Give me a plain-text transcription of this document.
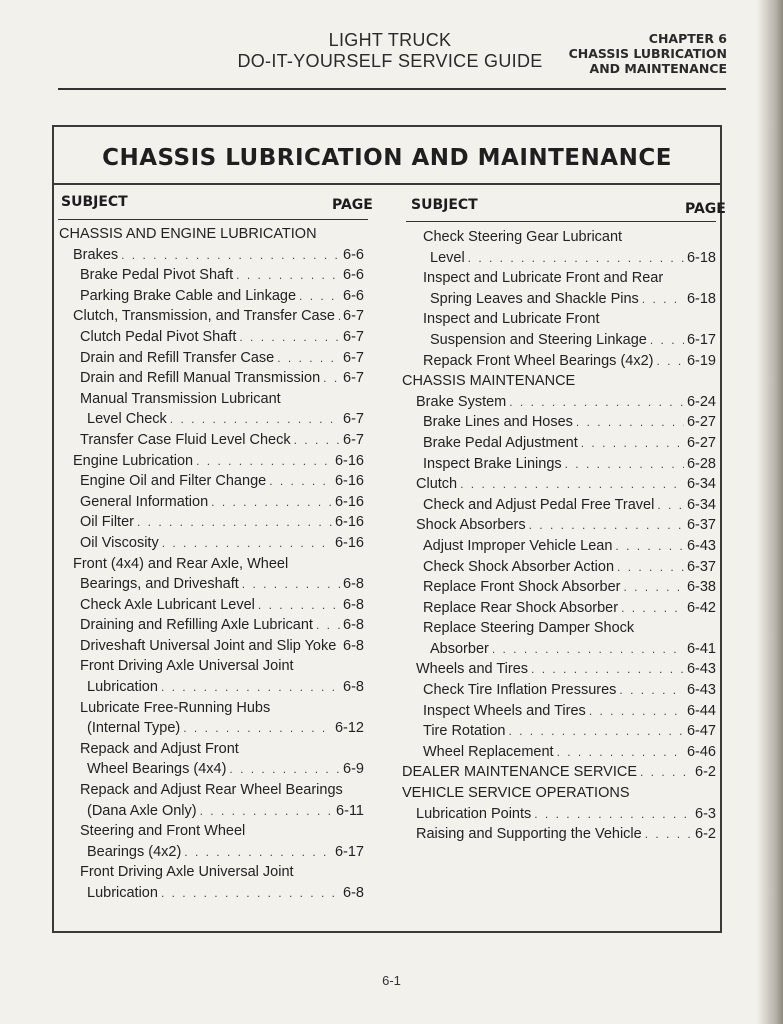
LIGHT TRUCK
DO-IT-YOURSELF SERVICE GUIDE
CHAPTER 6
CHASSIS LUBRICATION
AND MAINTENANCE
CHASSIS LUBRICATION AND MAINTENANCE
SUBJECT	PAGE	SUBJECT	PAGE
CHASSIS AND ENGINE LUBRICATION
Brakes . . .	6-6
Brake Pedal Pivot Shaft . . .	6-6
Parking Brake Cable and Linkage . . .	6-6
Clutch, Transmission, and Transfer Case . . . 6-7
Clutch Pedal Pivot Shaft . . .	6-7
Drain and Refill Transfer Case . . .	6-7
Drain and Refill Manual Transmission . . . 6-7
Manual Transmission Lubricant
Level Check . . .	6-7
Transfer Case Fluid Level Check . . .	6-7
Engine Lubrication . . .	6-16
Engine Oil and Filter Change . . .	6-16
General Information . . .	6-16
Oil Filter . . .	6-16
Oil Viscosity . . .	6-16
Front (4x4) and Rear Axle, Wheel
Bearings, and Driveshaft . . .	6-8
Check Axle Lubricant Level . . .	6-8
Draining and Refilling Axle Lubricant . . . 6-8
Driveshaft Universal Joint and Slip Yoke . . . 6-8
Front Driving Axle Universal Joint
Lubrication . . .	6-8
Lubricate Free-Running Hubs
(Internal Type) . . .	6-12
Repack and Adjust Front
Wheel Bearings (4x4) . . .	6-9
Repack and Adjust Rear Wheel Bearings
(Dana Axle Only) . . .	6-11
Steering and Front Wheel
Bearings (4x2) . . .	6-17
Front Driving Axle Universal Joint
Lubrication . . .	6-8
Check Steering Gear Lubricant
Level . . .	6-18
Inspect and Lubricate Front and Rear
Spring Leaves and Shackle Pins . . .	6-18
Inspect and Lubricate Front
Suspension and Steering Linkage . . .	6-17
Repack Front Wheel Bearings (4x2) . . . 6-19
CHASSIS MAINTENANCE
Brake System . . .	6-24
Brake Lines and Hoses . . .	6-27
Brake Pedal Adjustment . . .	6-27
Inspect Brake Linings . . .	6-28
Clutch . . .	6-34
Check and Adjust Pedal Free Travel . . . 6-34
Shock Absorbers . . .	6-37
Adjust Improper Vehicle Lean . . .	6-43
Check Shock Absorber Action . . .	6-37
Replace Front Shock Absorber . . .	6-38
Replace Rear Shock Absorber . . .	6-42
Replace Steering Damper Shock
Absorber . . .	6-41
Wheels and Tires . . .	6-43
Check Tire Inflation Pressures . . .	6-43
Inspect Wheels and Tires . . .	6-44
Tire Rotation . . .	6-47
Wheel Replacement . . .	6-46
DEALER MAINTENANCE SERVICE . . .	6-2
VEHICLE SERVICE OPERATIONS
Lubrication Points . . .	6-3
Raising and Supporting the Vehicle . . .	6-2
6-1
